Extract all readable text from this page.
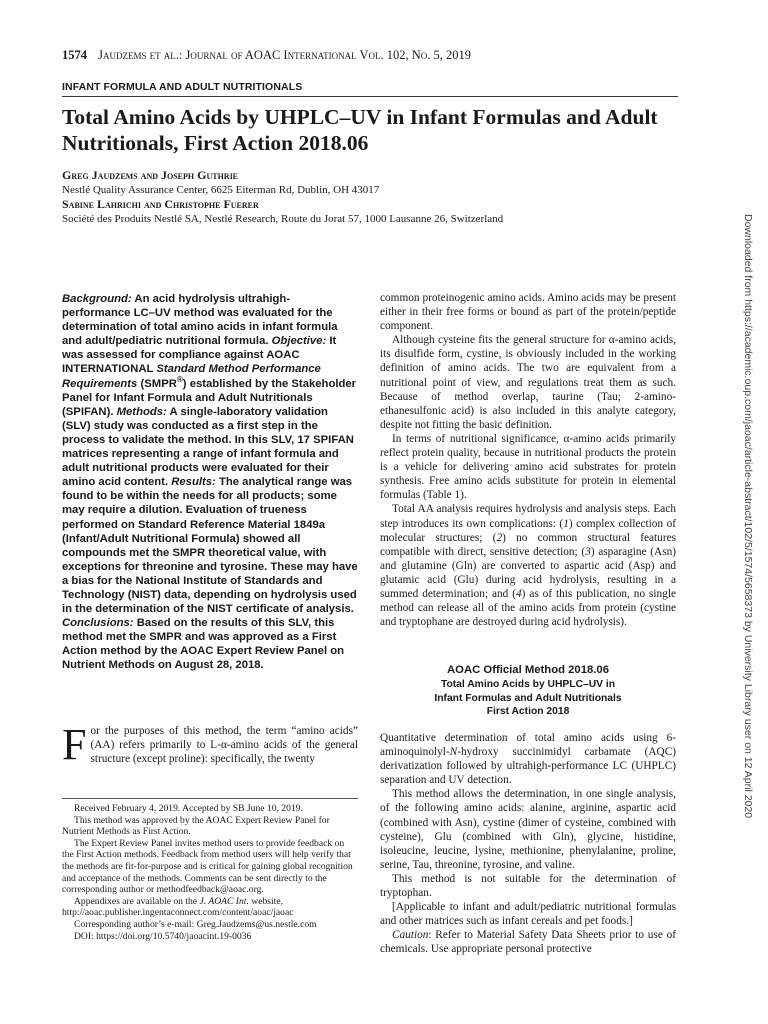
1574 Jaudzems et al.: Journal of AOAC International Vol. 102, No. 5, 2019
INFANT FORMULA AND ADULT NUTRITIONALS
Total Amino Acids by UHPLC–UV in Infant Formulas and Adult Nutritionals, First Action 2018.06
Greg Jaudzems and Joseph Guthrie
Nestlé Quality Assurance Center, 6625 Eiterman Rd, Dublin, OH 43017
Sabine Lahrichi and Christophe Fuerer
Société des Produits Nestlé SA, Nestlé Research, Route du Jorat 57, 1000 Lausanne 26, Switzerland	Downloaded from https://academic.oup.com/jaoac/article-abstract/102/5/1574/5658373 by University Library user on 12 April 2020
Background: An acid hydrolysis ultrahigh-performance LC–UV method was evaluated for the determination of total amino acids in infant formula and adult/pediatric nutritional formula. Objective: It was assessed for compliance against AOAC INTERNATIONAL Standard Method Performance Requirements (SMPR®) established by the Stakeholder Panel for Infant Formula and Adult Nutritionals (SPIFAN). Methods: A single-laboratory validation (SLV) study was conducted as a first step in the process to validate the method. In this SLV, 17 SPIFAN matrices representing a range of infant formula and adult nutritional products were evaluated for their amino acid content. Results: The analytical range was found to be within the needs for all products; some may require a dilution. Evaluation of trueness performed on Standard Reference Material 1849a (Infant/Adult Nutritional Formula) showed all compounds met the SMPR theoretical value, with exceptions for threonine and tyrosine. These may have a bias for the National Institute of Standards and Technology (NIST) data, depending on hydrolysis used in the determination of the NIST certificate of analysis. Conclusions: Based on the results of this SLV, this method met the SMPR and was approved as a First Action method by the AOAC Expert Review Panel on Nutrient Methods on August 28, 2018.
F or the purposes of this method, the term “amino acids” (AA) refers primarily to L-α-amino acids of the general structure (except proline): specifically, the twenty

Received February 4, 2019. Accepted by SB June 10, 2019.

This method was approved by the AOAC Expert Review Panel for Nutrient Methods as First Action.

The Expert Review Panel invites method users to provide feedback on the First Action methods. Feedback from method users will help verify that the methods are fit-for-purpose and is critical for gaining global recognition and acceptance of the methods. Comments can be sent directly to the corresponding author or methodfeedback@aoac.org.

Appendixes are available on the J. AOAC Int. website, http://aoac.publisher.ingentaconnect.com/content/aoac/jaoac

Corresponding author’s e-mail: Greg.Jaudzems@us.nestle.com

DOI: https://doi.org/10.5740/jaoacint.19-0036

common proteinogenic amino acids. Amino acids may be present either in their free forms or bound as part of the protein/peptide component.

Although cysteine fits the general structure for α-amino acids, its disulfide form, cystine, is obviously included in the working definition of amino acids. The two are equivalent from a nutritional point of view, and regulations treat them as such. Because of method overlap, taurine (Tau; 2-amino-ethanesulfonic acid) is also included in this analyte category, despite not fitting the basic definition.

In terms of nutritional significance, α-amino acids primarily reflect protein quality, because in nutritional products the protein is a vehicle for delivering amino acid substrates for protein synthesis. Free amino acids substitute for protein in elemental formulas (Table 1).

Total AA analysis requires hydrolysis and analysis steps. Each step introduces its own complications: (1) complex collection of molecular structures; (2) no common structural features compatible with direct, sensitive detection; (3) asparagine (Asn) and glutamine (Gln) are converted to aspartic acid (Asp) and glutamic acid (Glu) during acid hydrolysis, resulting in a summed determination; and (4) as of this publication, no single method can release all of the amino acids from protein (cystine and tryptophane are destroyed during acid hydrolysis).

AOAC Official Method 2018.06
Total Amino Acids by UHPLC–UV in
Infant Formulas and Adult Nutritionals
First Action 2018

Quantitative determination of total amino acids using 6-aminoquinolyl-N-hydroxy succinimidyl carbamate (AQC) derivatization followed by ultrahigh-performance LC (UHPLC) separation and UV detection.

This method allows the determination, in one single analysis, of the following amino acids: alanine, arginine, aspartic acid (combined with Asn), cystine (dimer of cysteine, combined with cysteine), Glu (combined with Gln), glycine, histidine, isoleucine, leucine, lysine, methionine, phenylalanine, proline, serine, Tau, threonine, tyrosine, and valine.

This method is not suitable for the determination of tryptophan.

[Applicable to infant and adult/pediatric nutritional formulas and other matrices such as infant cereals and pet foods.]

Caution: Refer to Material Safety Data Sheets prior to use of chemicals. Use appropriate personal protective
